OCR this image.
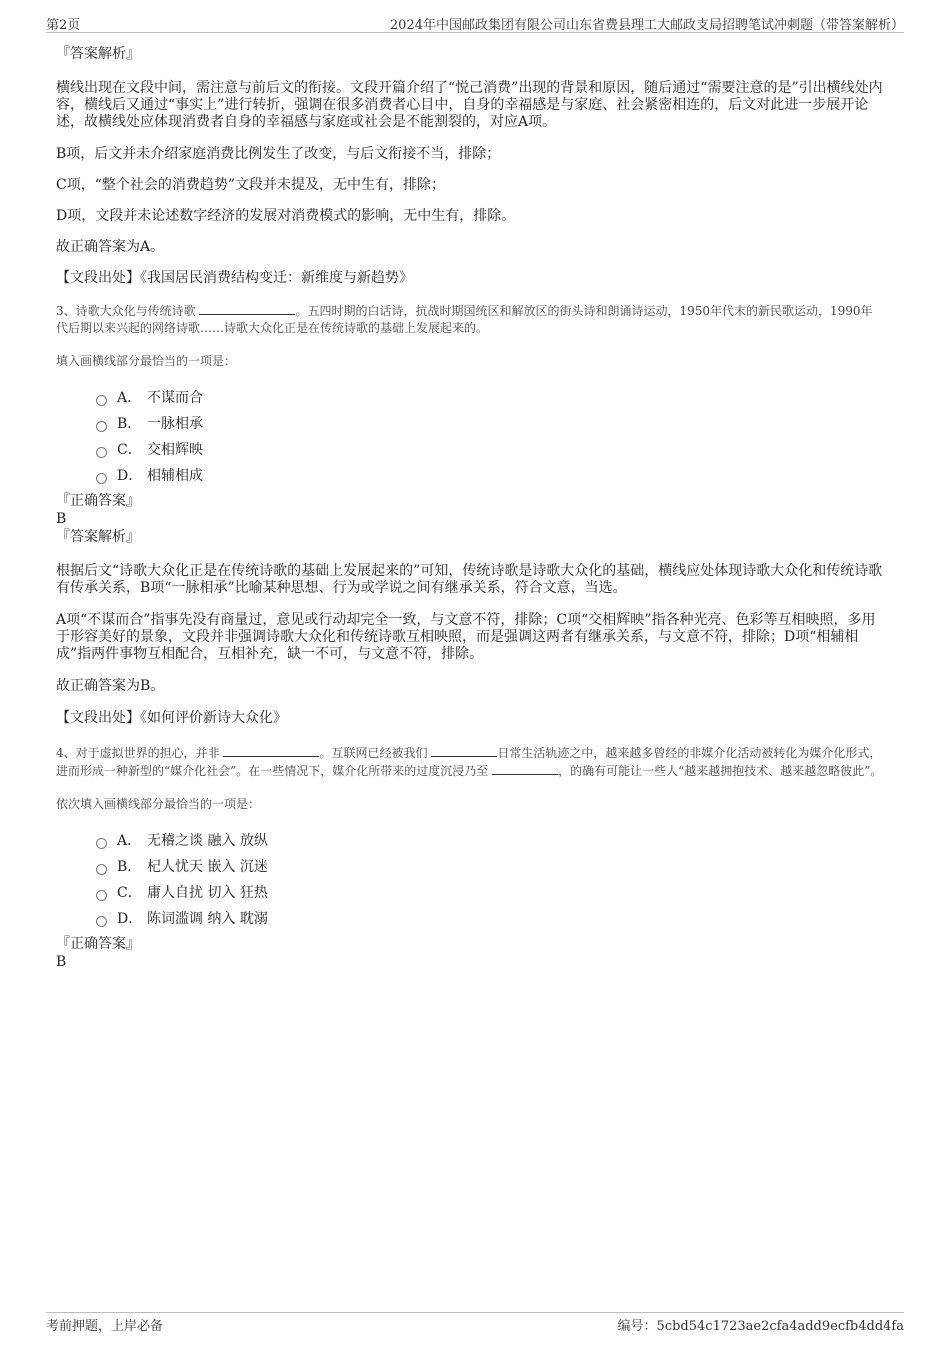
第2页	2024年中国邮政集团有限公司山东省费县理工大邮政支局招聘笔试冲刺题（带答案解析）

『答案解析』

横线出现在文段中间，需注意与前后文的衔接。文段开篇介绍了“悦己消费”出现的背景和原因，随后通过“需要注意的是”引出横线处内容，横线后又通过“事实上”进行转折，强调在很多消费者心目中，自身的幸福感是与家庭、社会紧密相连的，后文对此进一步展开论述，故横线处应体现消费者自身的幸福感与家庭或社会是不能割裂的，对应A项。

B项，后文并未介绍家庭消费比例发生了改变，与后文衔接不当，排除；

C项，“整个社会的消费趋势”文段并未提及，无中生有，排除；

D项，文段并未论述数字经济的发展对消费模式的影响，无中生有，排除。

故正确答案为A。

【文段出处】《我国居民消费结构变迁：新维度与新趋势》

3、诗歌大众化与传统诗歌	。五四时期的白话诗，抗战时期国统区和解放区的街头诗和朗诵诗运动，1950年代末的新民歌运动，1990年代后期以来兴起的网络诗歌……诗歌大众化正是在传统诗歌的基础上发展起来的。

填入画横线部分最恰当的一项是：

A． 不谋而合
B． 一脉相承
C． 交相辉映
D． 相辅相成

『正确答案』

B

『答案解析』

根据后文“诗歌大众化正是在传统诗歌的基础上发展起来的”可知，传统诗歌是诗歌大众化的基础，横线应处体现诗歌大众化和传统诗歌有传承关系，B项“一脉相承”比喻某种思想、行为或学说之间有继承关系，符合文意，当选。

A项“不谋而合”指事先没有商量过，意见或行动却完全一致，与文意不符，排除；C项“交相辉映”指各种光亮、色彩等互相映照，多用于形容美好的景象，文段并非强调诗歌大众化和传统诗歌互相映照，而是强调这两者有继承关系，与文意不符，排除；D项“相辅相成”指两件事物互相配合，互相补充，缺一不可，与文意不符，排除。

故正确答案为B。

【文段出处】《如何评价新诗大众化》

4、对于虚拟世界的担心，并非	。互联网已经被我们	日常生活轨迹之中，越来越多曾经的非媒介化活动被转化为媒介化形式，进而形成一种新型的“媒介化社会”。在一些情况下，媒介化所带来的过度沉浸乃至	，的确有可能让一些人“越来越拥抱技术、越来越忽略彼此”。

依次填入画横线部分最恰当的一项是：

A． 无稽之谈 融入 放纵
B． 杞人忧天 嵌入 沉迷
C． 庸人自扰 切入 狂热
D． 陈词滥调 纳入 耽溺

『正确答案』

B

考前押题，上岸必备	编号：5cbd54c1723ae2cfa4add9ecfb4dd4fa
